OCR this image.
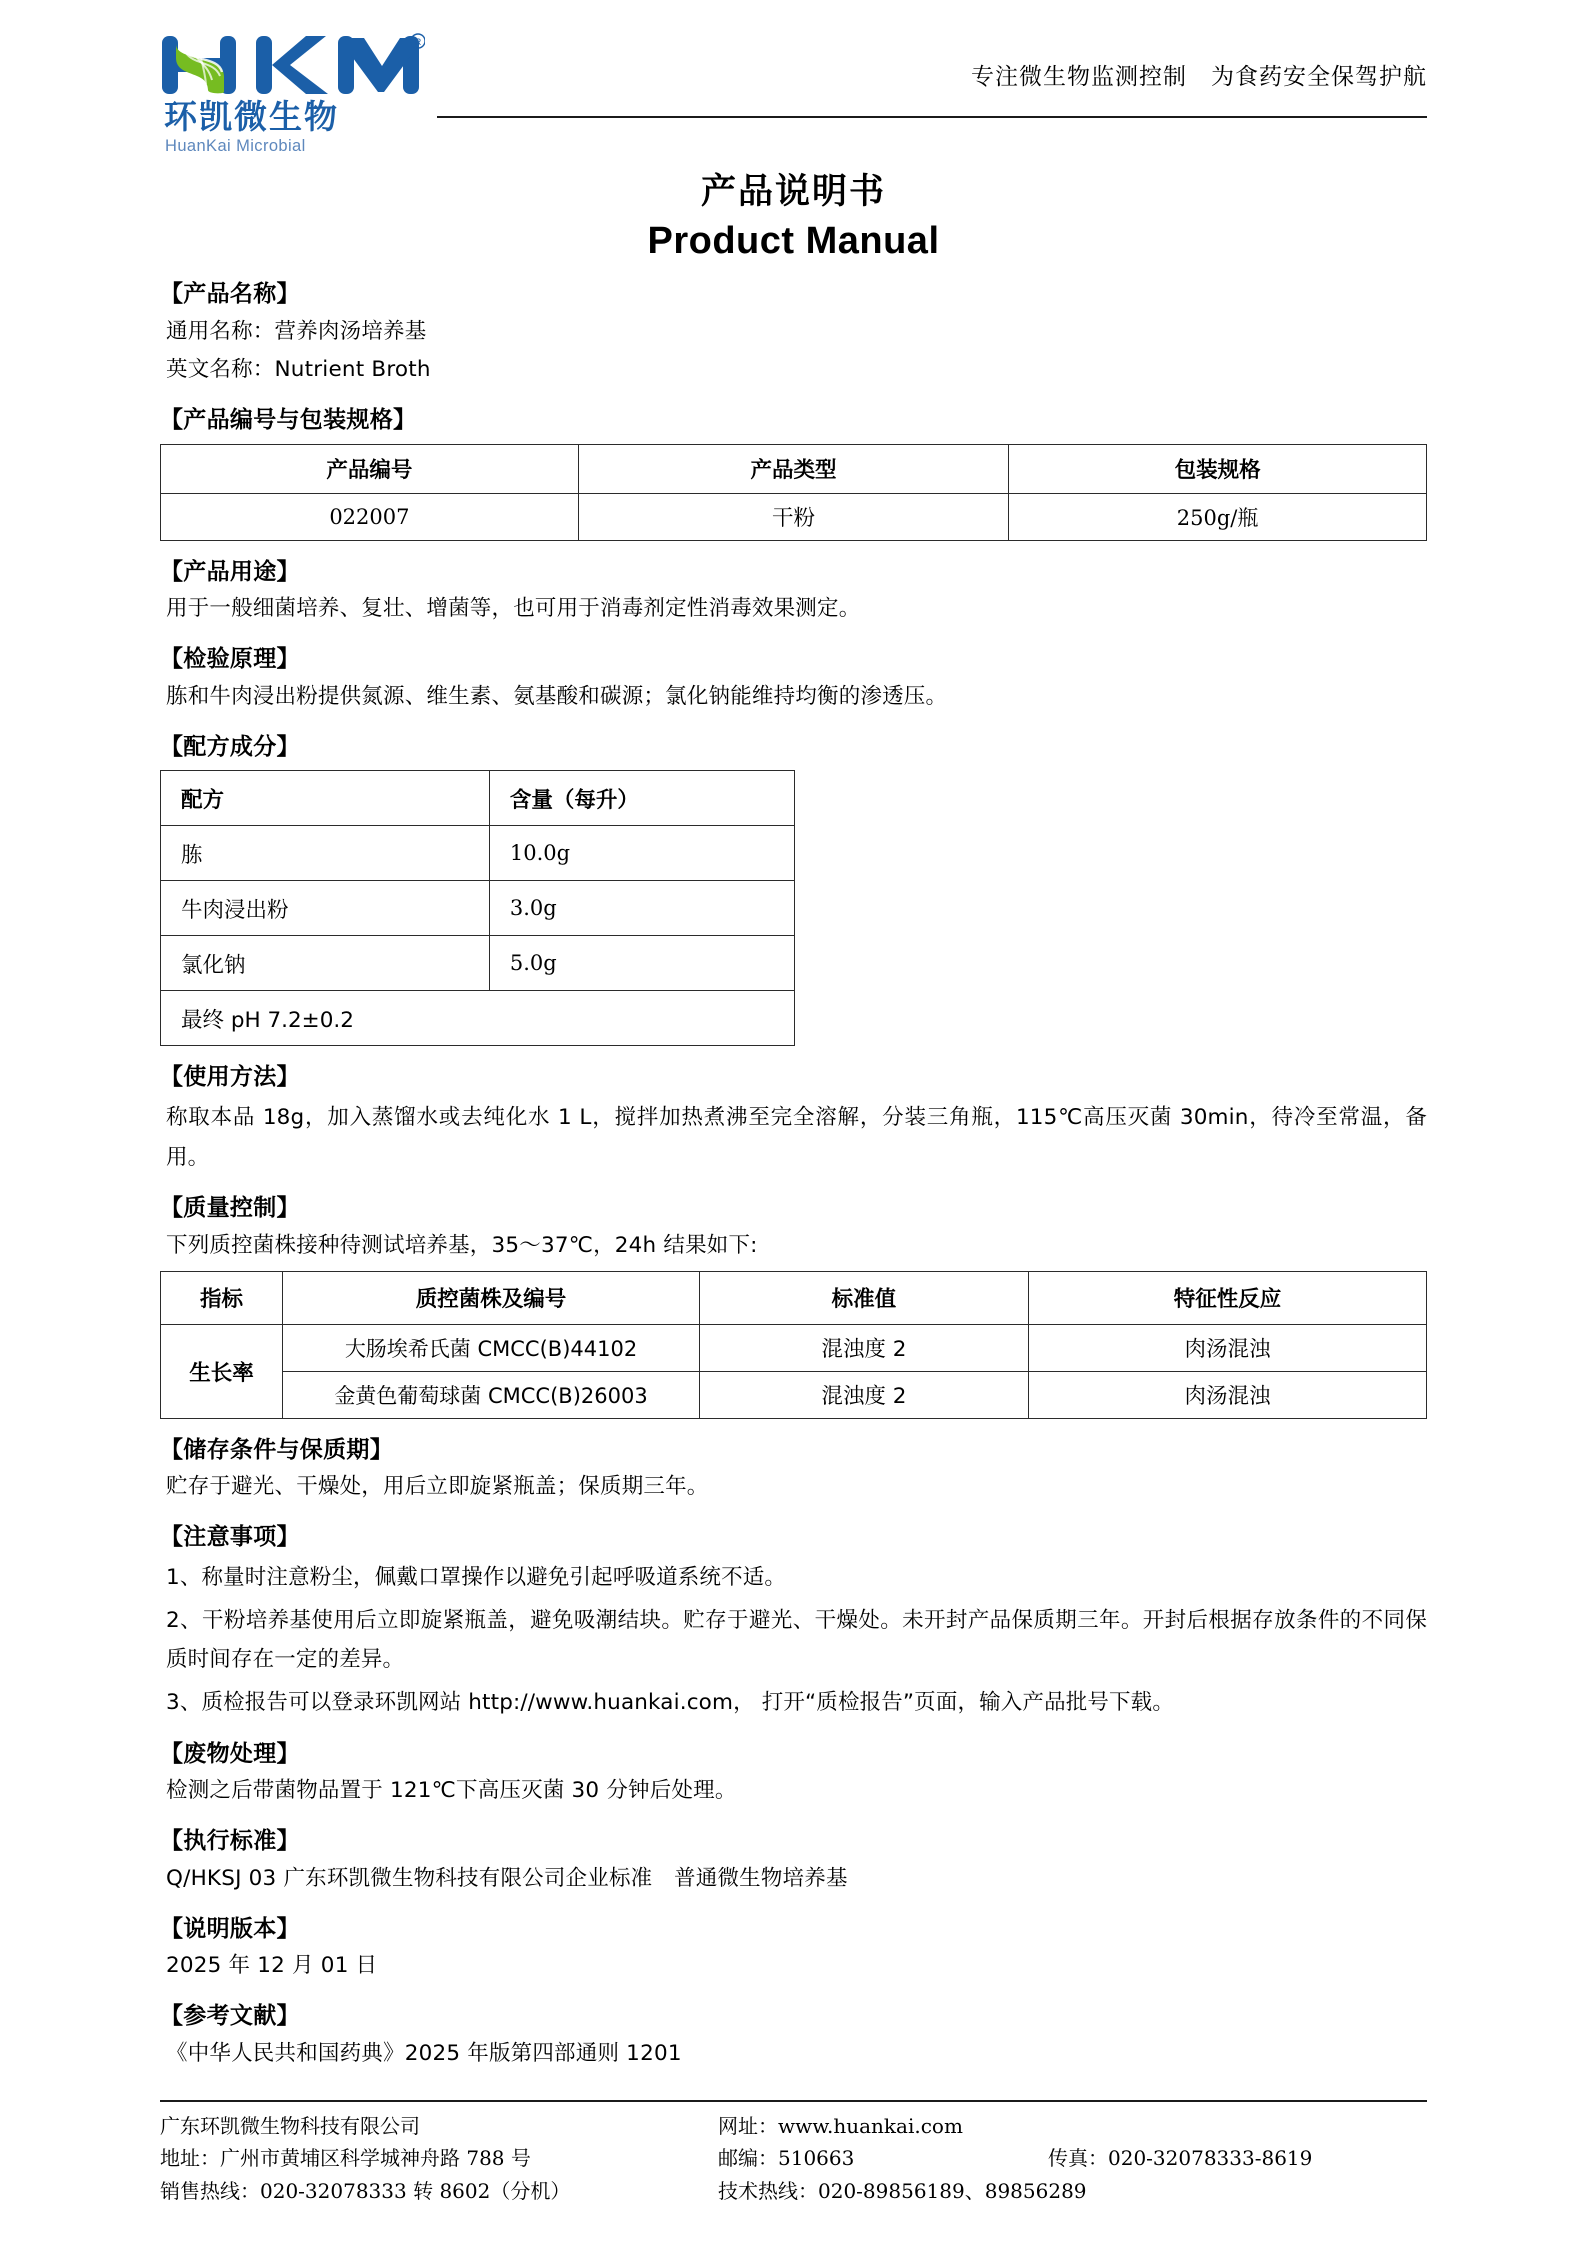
R
环凯微生物
HuanKai Microbial
专注微生物监测控制　为食药安全保驾护航
产品说明书
Product Manual
【产品名称】
通用名称：营养肉汤培养基
英文名称：Nutrient Broth
【产品编号与包装规格】
产品编号	产品类型	包装规格
022007	干粉	250g/瓶
【产品用途】
用于一般细菌培养、复壮、增菌等，也可用于消毒剂定性消毒效果测定。
【检验原理】
胨和牛肉浸出粉提供氮源、维生素、氨基酸和碳源；氯化钠能维持均衡的渗透压。
【配方成分】
配方	含量（每升）
胨	10.0g
牛肉浸出粉	3.0g
氯化钠	5.0g
最终 pH 7.2±0.2	
【使用方法】
称取本品 18g，加入蒸馏水或去纯化水 1 L，搅拌加热煮沸至完全溶解，分装三角瓶，115℃高压灭菌 30min，待冷至常温，备用。
【质量控制】
下列质控菌株接种待测试培养基，35～37℃，24h 结果如下:
指标	质控菌株及编号	标准值	特征性反应
生长率	大肠埃希氏菌 CMCC(B)44102	混浊度 2	肉汤混浊
	金黄色葡萄球菌 CMCC(B)26003	混浊度 2	肉汤混浊
【储存条件与保质期】
贮存于避光、干燥处，用后立即旋紧瓶盖；保质期三年。
【注意事项】
1、称量时注意粉尘，佩戴口罩操作以避免引起呼吸道系统不适。
2、干粉培养基使用后立即旋紧瓶盖，避免吸潮结块。贮存于避光、干燥处。未开封产品保质期三年。开封后根据存放条件的不同保质时间存在一定的差异。
3、质检报告可以登录环凯网站 http://www.huankai.com， 打开“质检报告”页面，输入产品批号下载。
【废物处理】
检测之后带菌物品置于 121℃下高压灭菌 30 分钟后处理。
【执行标准】
Q/HKSJ 03 广东环凯微生物科技有限公司企业标准　普通微生物培养基
【说明版本】
2025 年 12 月 01 日
【参考文献】
《中华人民共和国药典》2025 年版第四部通则 1201
广东环凯微生物科技有限公司
地址：广州市黄埔区科学城神舟路 788 号
销售热线：020-32078333 转 8602（分机）
网址：www.huankai.com
邮编：510663	传真：020-32078333-8619
技术热线：020-89856189、89856289
